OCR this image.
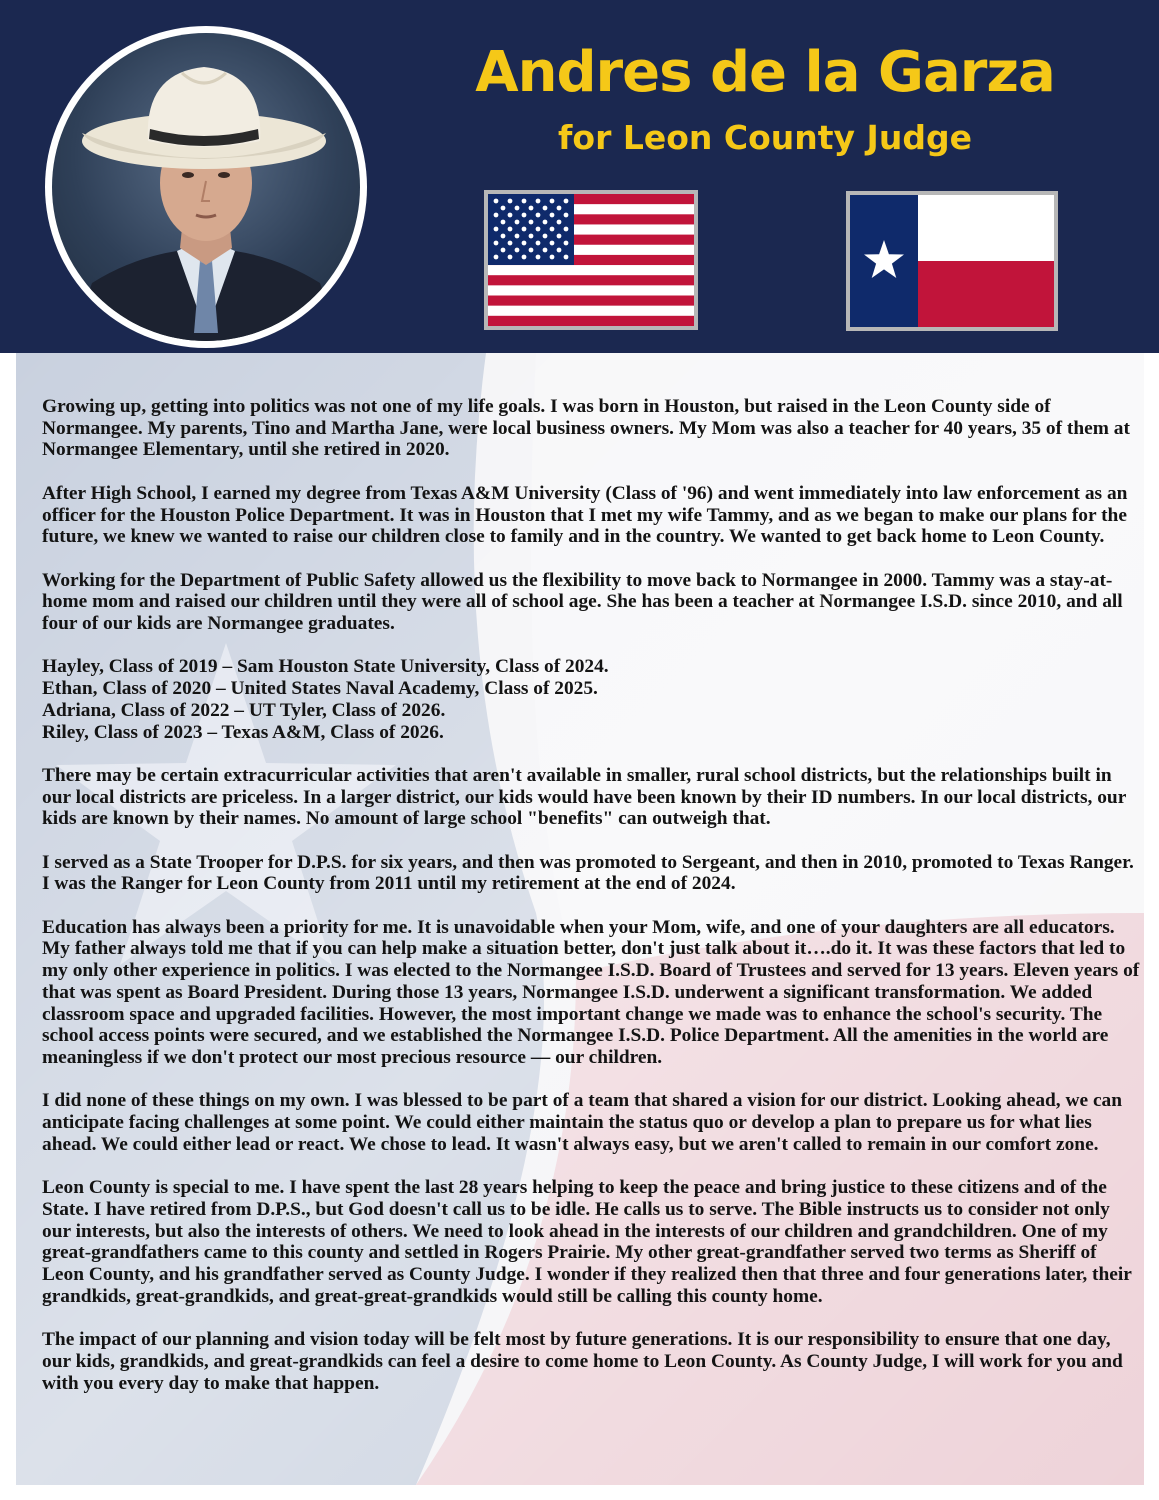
Andres de la Garza
for Leon County Judge

Growing up, getting into politics was not one of my life goals. I was born in Houston, but raised in the Leon County side of Normangee. My parents, Tino and Martha Jane, were local business owners. My Mom was also a teacher for 40 years, 35 of them at Normangee Elementary, until she retired in 2020.

After High School, I earned my degree from Texas A&M University (Class of '96) and went immediately into law enforcement as an officer for the Houston Police Department. It was in Houston that I met my wife Tammy, and as we began to make our plans for the future, we knew we wanted to raise our children close to family and in the country. We wanted to get back home to Leon County.

Working for the Department of Public Safety allowed us the flexibility to move back to Normangee in 2000. Tammy was a stay-at-home mom and raised our children until they were all of school age. She has been a teacher at Normangee I.S.D. since 2010, and all four of our kids are Normangee graduates.

Hayley, Class of 2019 – Sam Houston State University, Class of 2024.
Ethan, Class of 2020 – United States Naval Academy, Class of 2025.
Adriana, Class of 2022 – UT Tyler, Class of 2026.
Riley, Class of 2023 – Texas A&M, Class of 2026.

There may be certain extracurricular activities that aren't available in smaller, rural school districts, but the relationships built in our local districts are priceless. In a larger district, our kids would have been known by their ID numbers. In our local districts, our kids are known by their names. No amount of large school "benefits" can outweigh that.

I served as a State Trooper for D.P.S. for six years, and then was promoted to Sergeant, and then in 2010, promoted to Texas Ranger. I was the Ranger for Leon County from 2011 until my retirement at the end of 2024.

Education has always been a priority for me. It is unavoidable when your Mom, wife, and one of your daughters are all educators. My father always told me that if you can help make a situation better, don't just talk about it….do it. It was these factors that led to my only other experience in politics. I was elected to the Normangee I.S.D. Board of Trustees and served for 13 years. Eleven years of that was spent as Board President. During those 13 years, Normangee I.S.D. underwent a significant transformation. We added classroom space and upgraded facilities. However, the most important change we made was to enhance the school's security. The school access points were secured, and we established the Normangee I.S.D. Police Department. All the amenities in the world are meaningless if we don't protect our most precious resource — our children.

I did none of these things on my own. I was blessed to be part of a team that shared a vision for our district. Looking ahead, we can anticipate facing challenges at some point. We could either maintain the status quo or develop a plan to prepare us for what lies ahead. We could either lead or react. We chose to lead. It wasn't always easy, but we aren't called to remain in our comfort zone.

Leon County is special to me. I have spent the last 28 years helping to keep the peace and bring justice to these citizens and of the State. I have retired from D.P.S., but God doesn't call us to be idle. He calls us to serve. The Bible instructs us to consider not only our interests, but also the interests of others. We need to look ahead in the interests of our children and grandchildren. One of my great-grandfathers came to this county and settled in Rogers Prairie. My other great-grandfather served two terms as Sheriff of Leon County, and his grandfather served as County Judge. I wonder if they realized then that three and four generations later, their grandkids, great-grandkids, and great-great-grandkids would still be calling this county home.

The impact of our planning and vision today will be felt most by future generations. It is our responsibility to ensure that one day, our kids, grandkids, and great-grandkids can feel a desire to come home to Leon County. As County Judge, I will work for you and with you every day to make that happen.
